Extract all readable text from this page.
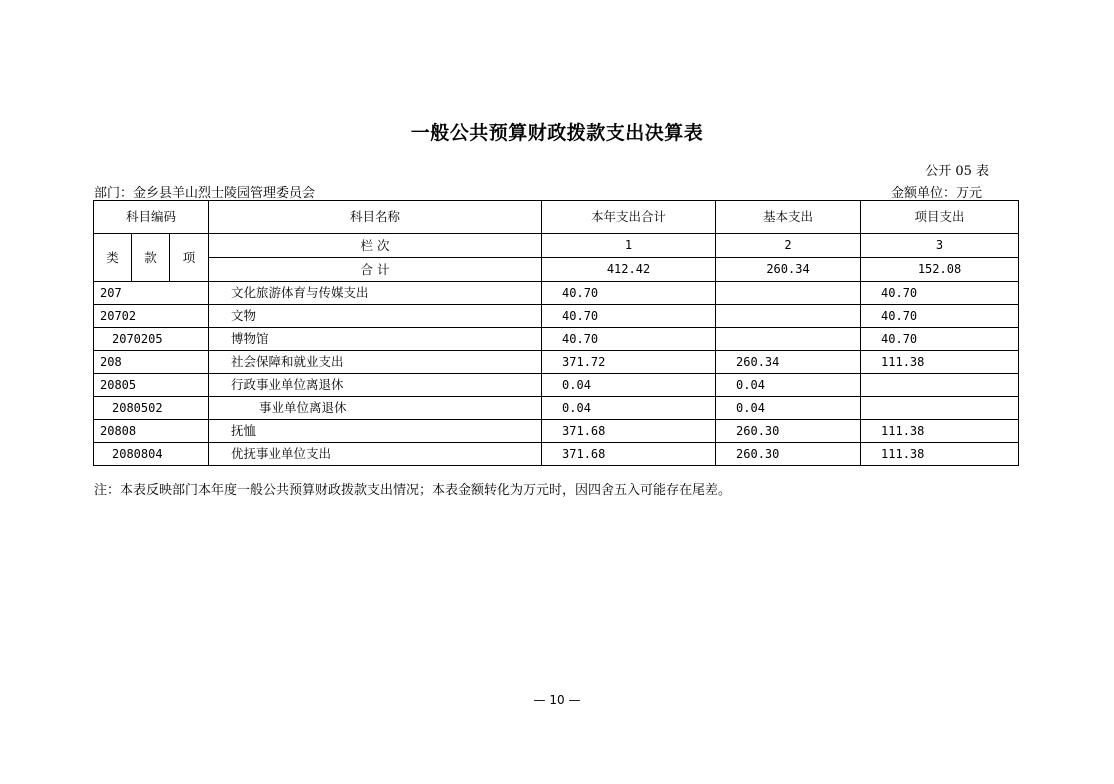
一般公共预算财政拨款支出决算表
公开 05 表
部门：金乡县羊山烈士陵园管理委员会	金额单位：万元
科目编码			科目名称	本年支出合计	基本支出	项目支出
类	款	项	栏 次	1	2	3
			合 计	412.42	260.34	152.08
207			文化旅游体育与传媒支出	40.70		40.70
20702			文物	40.70		40.70
2070205			博物馆	40.70		40.70
208			社会保障和就业支出	371.72	260.34	111.38
20805			行政事业单位离退休	0.04	0.04	
2080502			事业单位离退休	0.04	0.04	
20808			抚恤	371.68	260.30	111.38
2080804			优抚事业单位支出	371.68	260.30	111.38
注：本表反映部门本年度一般公共预算财政拨款支出情况；本表金额转化为万元时，因四舍五入可能存在尾差。
— 10 —
